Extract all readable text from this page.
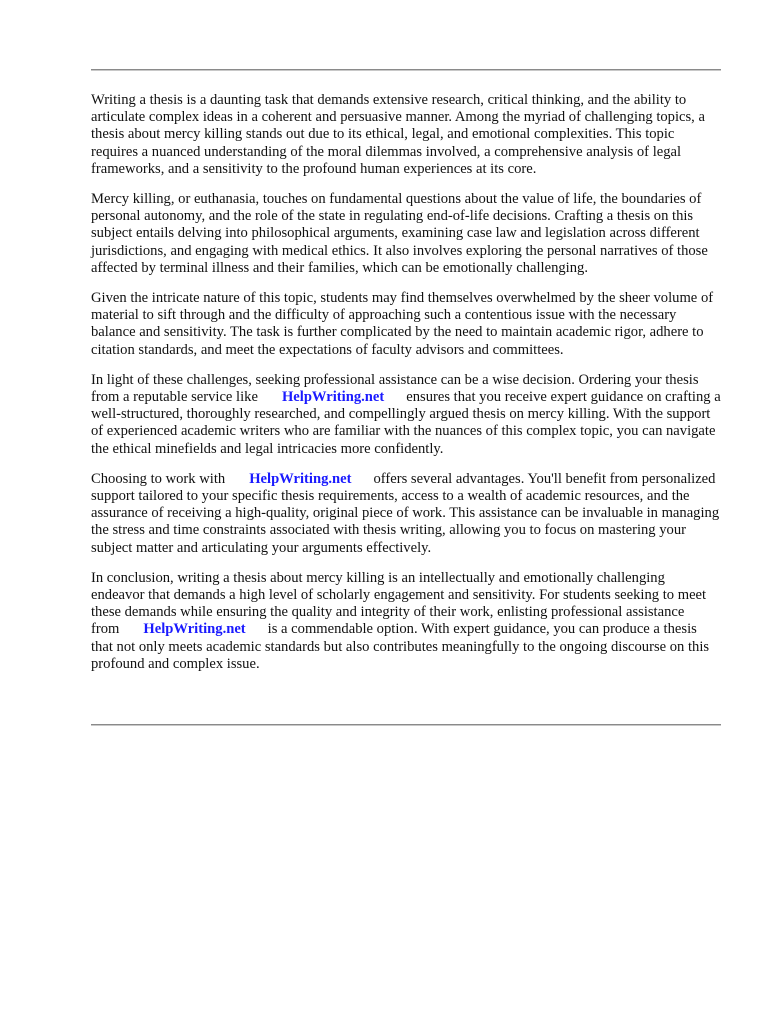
Writing a thesis is a daunting task that demands extensive research, critical thinking, and the ability to articulate complex ideas in a coherent and persuasive manner. Among the myriad of challenging topics, a thesis about mercy killing stands out due to its ethical, legal, and emotional complexities. This topic requires a nuanced understanding of the moral dilemmas involved, a comprehensive analysis of legal frameworks, and a sensitivity to the profound human experiences at its core.

Mercy killing, or euthanasia, touches on fundamental questions about the value of life, the boundaries of personal autonomy, and the role of the state in regulating end-of-life decisions. Crafting a thesis on this subject entails delving into philosophical arguments, examining case law and legislation across different jurisdictions, and engaging with medical ethics. It also involves exploring the personal narratives of those affected by terminal illness and their families, which can be emotionally challenging.

Given the intricate nature of this topic, students may find themselves overwhelmed by the sheer volume of material to sift through and the difficulty of approaching such a contentious issue with the necessary balance and sensitivity. The task is further complicated by the need to maintain academic rigor, adhere to citation standards, and meet the expectations of faculty advisors and committees.

In light of these challenges, seeking professional assistance can be a wise decision. Ordering your thesis from a reputable service like HelpWriting.net ensures that you receive expert guidance on crafting a well-structured, thoroughly researched, and compellingly argued thesis on mercy killing. With the support of experienced academic writers who are familiar with the nuances of this complex topic, you can navigate the ethical minefields and legal intricacies more confidently.

Choosing to work with HelpWriting.net offers several advantages. You'll benefit from personalized support tailored to your specific thesis requirements, access to a wealth of academic resources, and the assurance of receiving a high-quality, original piece of work. This assistance can be invaluable in managing the stress and time constraints associated with thesis writing, allowing you to focus on mastering your subject matter and articulating your arguments effectively.

In conclusion, writing a thesis about mercy killing is an intellectually and emotionally challenging endeavor that demands a high level of scholarly engagement and sensitivity. For students seeking to meet these demands while ensuring the quality and integrity of their work, enlisting professional assistance from HelpWriting.net is a commendable option. With expert guidance, you can produce a thesis that not only meets academic standards but also contributes meaningfully to the ongoing discourse on this profound and complex issue.
